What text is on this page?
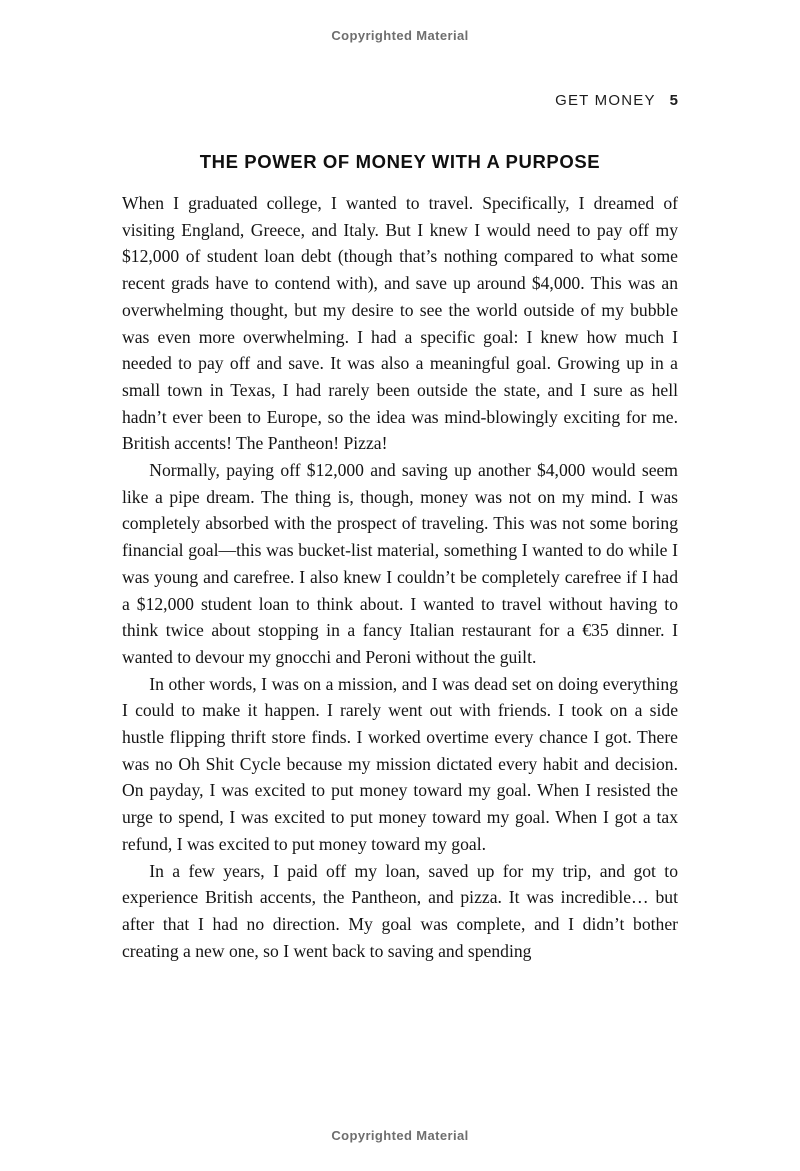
Copyrighted Material
GET MONEY 5
THE POWER OF MONEY WITH A PURPOSE

When I graduated college, I wanted to travel. Specifically, I dreamed of visiting England, Greece, and Italy. But I knew I would need to pay off my $12,000 of student loan debt (though that’s nothing compared to what some recent grads have to contend with), and save up around $4,000. This was an overwhelming thought, but my desire to see the world outside of my bubble was even more overwhelming. I had a specific goal: I knew how much I needed to pay off and save. It was also a meaningful goal. Growing up in a small town in Texas, I had rarely been outside the state, and I sure as hell hadn’t ever been to Europe, so the idea was mind-blowingly exciting for me. British accents! The Pantheon! Pizza!

Normally, paying off $12,000 and saving up another $4,000 would seem like a pipe dream. The thing is, though, money was not on my mind. I was completely absorbed with the prospect of traveling. This was not some boring financial goal—this was bucket-list material, something I wanted to do while I was young and carefree. I also knew I couldn’t be completely carefree if I had a $12,000 student loan to think about. I wanted to travel without having to think twice about stopping in a fancy Italian restaurant for a €35 dinner. I wanted to devour my gnocchi and Peroni without the guilt.

In other words, I was on a mission, and I was dead set on doing everything I could to make it happen. I rarely went out with friends. I took on a side hustle flipping thrift store finds. I worked overtime every chance I got. There was no Oh Shit Cycle because my mission dictated every habit and decision. On payday, I was excited to put money toward my goal. When I resisted the urge to spend, I was excited to put money toward my goal. When I got a tax refund, I was excited to put money toward my goal.

In a few years, I paid off my loan, saved up for my trip, and got to experience British accents, the Pantheon, and pizza. It was incredible… but after that I had no direction. My goal was complete, and I didn’t bother creating a new one, so I went back to saving and spending

Copyrighted Material
